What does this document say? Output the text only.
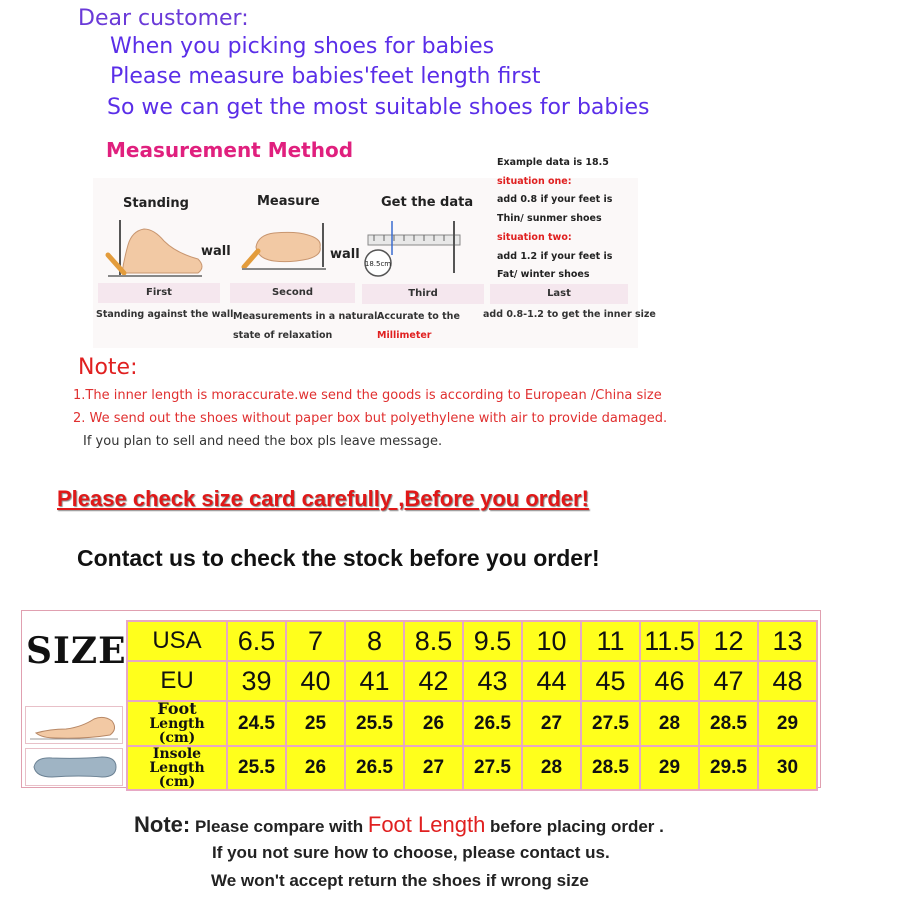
Dear customer:
When you picking shoes for babies
Please measure babies'feet length first
So we can get the most suitable shoes for babies
Measurement Method
Standing
wall
First
Standing against the wall
Measure
wall
Second
Measurements in a natural
state of relaxation
Get the data
18.5cm
Third
Accurate to the
Millimeter
Example data is 18.5
situation one:
add 0.8 if your feet is
Thin/ sunmer shoes
situation two:
add 1.2 if your feet is
Fat/ winter shoes
Last
add 0.8-1.2 to get the inner size
Note:
1.The inner length is moraccurate.we send the goods is according to European /China size
2. We send out the shoes without paper box but polyethylene with air to provide damaged.
If you plan to sell and need the box pls leave message.
Please check size card carefully ,Before you order!
Contact us to check the stock before you order!
SIZE USA	6.5	7	8	8.5	9.5	10	11	11.5	12	13
EU	39	40	41	42	43	44	45	46	47	48
Foot Length
(cm)	24.5	25	25.5	26	26.5	27	27.5	28	28.5	29
Insole Length
(cm)	25.5	26	26.5	27	27.5	28	28.5	29	29.5	30
Note: Please compare with Foot Length before placing order .
If you not sure how to choose, please contact us.
We won't accept return the shoes if wrong size
